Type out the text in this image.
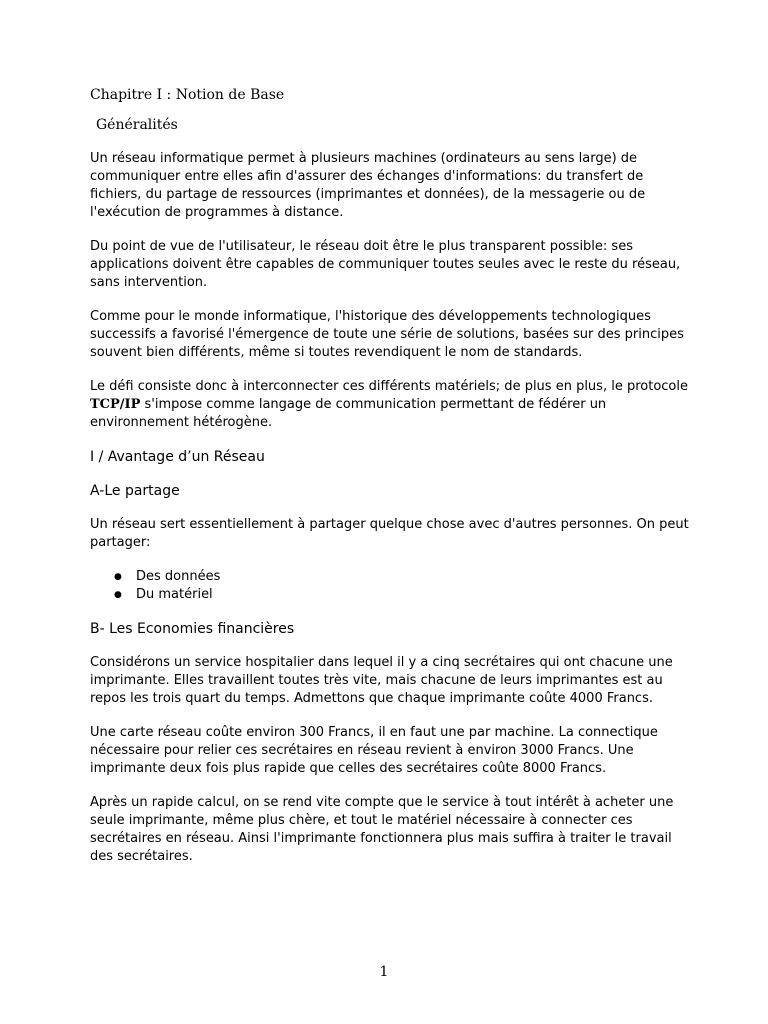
Chapitre I : Notion de Base
Généralités

Un réseau informatique permet à plusieurs machines (ordinateurs au sens large) de communiquer entre elles afin d'assurer des échanges d'informations: du transfert de fichiers, du partage de ressources (imprimantes et données), de la messagerie ou de l'exécution de programmes à distance.

Du point de vue de l'utilisateur, le réseau doit être le plus transparent possible: ses applications doivent être capables de communiquer toutes seules avec le reste du réseau, sans intervention.

Comme pour le monde informatique, l'historique des développements technologiques successifs a favorisé l'émergence de toute une série de solutions, basées sur des principes souvent bien différents, même si toutes revendiquent le nom de standards.

Le défi consiste donc à interconnecter ces différents matériels; de plus en plus, le protocole TCP/IP s'impose comme langage de communication permettant de fédérer un environnement hétérogène.

I / Avantage d’un Réseau
A-Le partage

Un réseau sert essentiellement à partager quelque chose avec d'autres personnes. On peut partager:

● Des données
● Du matériel
B- Les Economies financières

Considérons un service hospitalier dans lequel il y a cinq secrétaires qui ont chacune une imprimante. Elles travaillent toutes très vite, mais chacune de leurs imprimantes est au repos les trois quart du temps. Admettons que chaque imprimante coûte 4000 Francs.

Une carte réseau coûte environ 300 Francs, il en faut une par machine. La connectique nécessaire pour relier ces secrétaires en réseau revient à environ 3000 Francs. Une imprimante deux fois plus rapide que celles des secrétaires coûte 8000 Francs.

Après un rapide calcul, on se rend vite compte que le service à tout intérêt à acheter une seule imprimante, même plus chère, et tout le matériel nécessaire à connecter ces secrétaires en réseau. Ainsi l'imprimante fonctionnera plus mais suffira à traiter le travail des secrétaires.

1
